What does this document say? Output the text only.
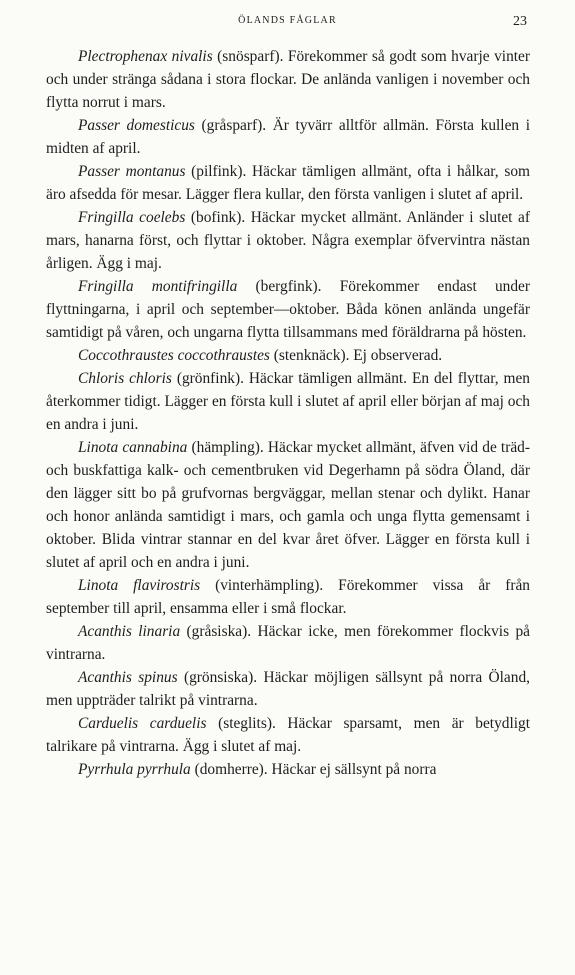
ÖLANDS FÅGLAR	23

Plectrophenax nivalis (snösparf). Förekommer så godt som hvarje vinter och under stränga sådana i stora flockar. De anlända vanligen i november och flytta norrut i mars.

Passer domesticus (gråsparf). Är tyvärr alltför allmän. Första kullen i midten af april.

Passer montanus (pilfink). Häckar tämligen allmänt, ofta i hålkar, som äro afsedda för mesar. Lägger flera kullar, den första vanligen i slutet af april.

Fringilla coelebs (bofink). Häckar mycket allmänt. Anländer i slutet af mars, hanarna först, och flyttar i oktober. Några exemplar öfvervintra nästan årligen. Ägg i maj.

Fringilla montifringilla (bergfink). Förekommer endast under flyttningarna, i april och september—oktober. Båda könen anlända ungefär samtidigt på våren, och ungarna flytta tillsammans med föräldrarna på hösten.

Coccothraustes coccothraustes (stenknäck). Ej observerad.

Chloris chloris (grönfink). Häckar tämligen allmänt. En del flyttar, men återkommer tidigt. Lägger en första kull i slutet af april eller början af maj och en andra i juni.

Linota cannabina (hämpling). Häckar mycket allmänt, äfven vid de träd- och buskfattiga kalk- och cementbruken vid Degerhamn på södra Öland, där den lägger sitt bo på grufvornas bergväggar, mellan stenar och dylikt. Hanar och honor anlända samtidigt i mars, och gamla och unga flytta gemensamt i oktober. Blida vintrar stannar en del kvar året öfver. Lägger en första kull i slutet af april och en andra i juni.

Linota flavirostris (vinterhämpling). Förekommer vissa år från september till april, ensamma eller i små flockar.

Acanthis linaria (gråsiska). Häckar icke, men förekommer flockvis på vintrarna.

Acanthis spinus (grönsiska). Häckar möjligen sällsynt på norra Öland, men uppträder talrikt på vintrarna.

Carduelis carduelis (steglits). Häckar sparsamt, men är betydligt talrikare på vintrarna. Ägg i slutet af maj.

Pyrrhula pyrrhula (domherre). Häckar ej sällsynt på norra
